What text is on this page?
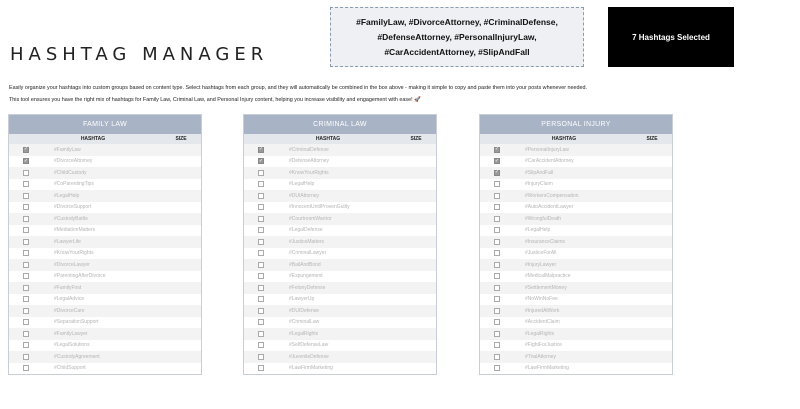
HASHTAG MANAGER
#FamilyLaw, #DivorceAttorney, #CriminalDefense,
#DefenseAttorney, #PersonalInjuryLaw,
#CarAccidentAttorney, #SlipAndFall
7 Hashtags Selected

Easily organize your hashtags into custom groups based on content type. Select hashtags from each group, and they will automatically be combined in the box above - making it simple to copy and paste them into your posts whenever needed.

This tool ensures you have the right mix of hashtags for Family Law, Criminal Law, and Personal Injury content, helping you increase visibility and engagement with ease! 🚀

FAMILY LAW
HASHTAG	SIZE
✓	#FamilyLaw
✓	#DivorceAttorney
#ChildCustody
#CoParentingTips
#LegalHelp
#DivorceSupport
#CustodyBattle
#MediationMatters
#LawyerLife
#KnowYourRights
#DivorceLawyer
#ParentingAfterDivorce
#FamilyFirst
#LegalAdvice
#DivorceCare
#SeparationSupport
#FamilyLawyer
#LegalSolutions
#CustodyAgreement
#ChildSupport
CRIMINAL LAW
HASHTAG	SIZE
✓	#CriminalDefense
✓	#DefenseAttorney
#KnowYourRights
#LegalHelp
#DUIAttorney
#InnocentUntilProvenGuilty
#CourtroomWarrior
#LegalDefense
#JusticeMatters
#CriminalLawyer
#BailAndBond
#Expungement
#FelonyDefense
#LawyerUp
#DUIDefense
#CriminalLaw
#LegalRights
#SelfDefenseLaw
#JuvenileDefense
#LawFirmMarketing
PERSONAL INJURY
HASHTAG	SIZE
✓	#PersonalInjuryLaw
✓	#CarAccidentAttorney
✓	#SlipAndFall
#InjuryClaim
#WorkersCompensation
#AutoAccidentLawyer
#WrongfulDeath
#LegalHelp
#InsuranceClaims
#JusticeForAll
#InjuryLawyer
#MedicalMalpractice
#SettlementMoney
#NoWinNoFee
#InjuredAtWork
#AccidentClaim
#LegalRights
#FightForJustice
#TrialAttorney
#LawFirmMarketing
